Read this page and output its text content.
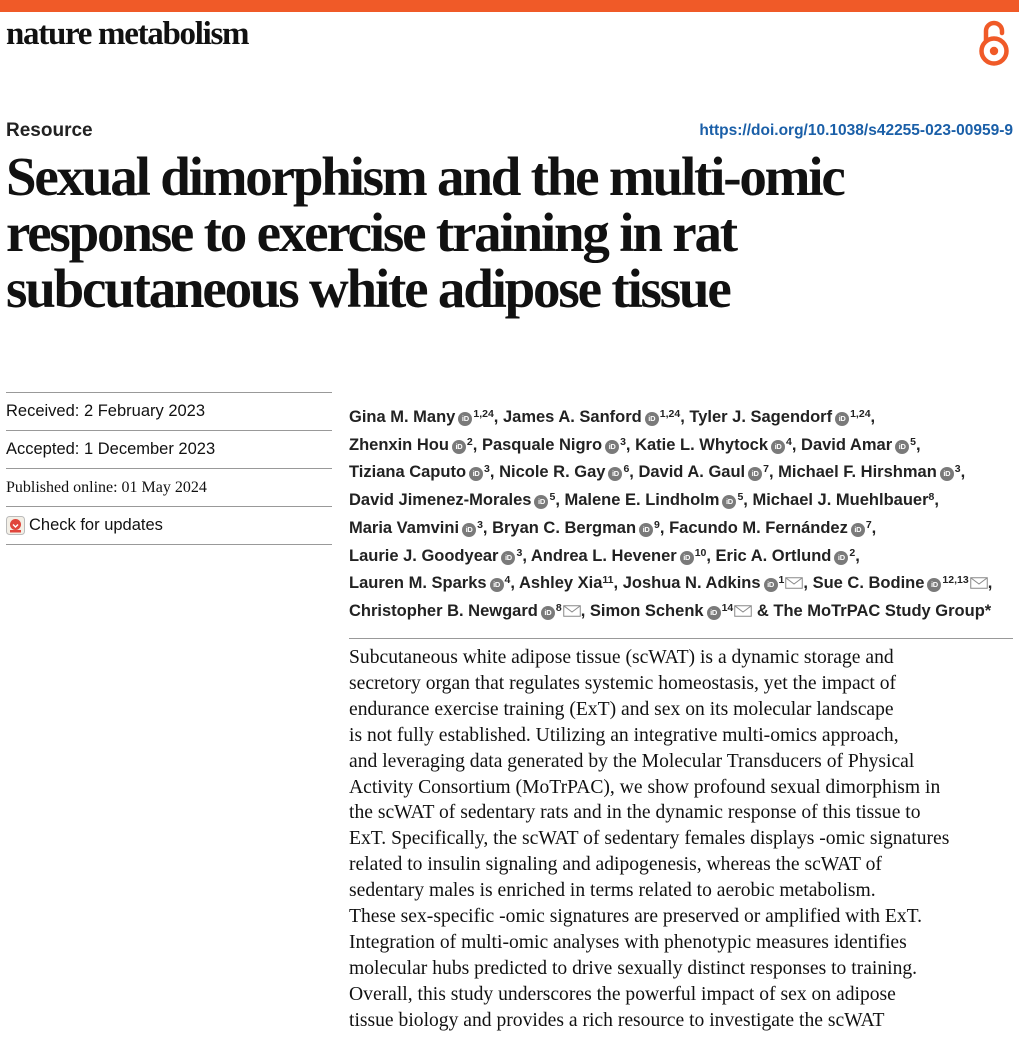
nature metabolism
Resource	https://doi.org/10.1038/s42255-023-00959-9
Sexual dimorphism and the multi-omic
response to exercise training in rat
subcutaneous white adipose tissue
Received: 2 February 2023
Accepted: 1 December 2023
Published online: 01 May 2024
Check for updates
Gina M. Many iD $^{1,24}$, James A. Sanford iD $^{1,24}$, Tyler J. Sagendorf iD $^{1,24}$,
Zhenxin Hou iD $^2$, Pasquale Nigro iD $^3$, Katie L. Whytock iD $^4$, David Amar iD $^5$,
Tiziana Caputo iD $^3$, Nicole R. Gay iD $^6$, David A. Gaul iD $^7$, Michael F. Hirshman iD $^3$,
David Jimenez-Morales iD $^5$, Malene E. Lindholm iD $^5$, Michael J. Muehlbauer$^8$,
Maria Vamvini iD $^3$, Bryan C. Bergman iD $^9$, Facundo M. Fernández iD $^7$,
Laurie J. Goodyear iD $^3$, Andrea L. Hevener iD $^{10}$, Eric A. Ortlund iD $^2$,
Lauren M. Sparks iD $^4$, Ashley Xia$^{11}$, Joshua N. Adkins iD $^1$ , Sue C. Bodine iD $^{12,13}$ ,
Christopher B. Newgard iD $^8$ , Simon Schenk iD $^{14}$ & The MoTrPAC Study Group*
Subcutaneous white adipose tissue (scWAT) is a dynamic storage and
secretory organ that regulates systemic homeostasis, yet the impact of
endurance exercise training (ExT) and sex on its molecular landscape
is not fully established. Utilizing an integrative multi-omics approach,
and leveraging data generated by the Molecular Transducers of Physical
Activity Consortium (MoTrPAC), we show profound sexual dimorphism in
the scWAT of sedentary rats and in the dynamic response of this tissue to
ExT. Specifically, the scWAT of sedentary females displays -omic signatures
related to insulin signaling and adipogenesis, whereas the scWAT of
sedentary males is enriched in terms related to aerobic metabolism.
These sex-specific -omic signatures are preserved or amplified with ExT.
Integration of multi-omic analyses with phenotypic measures identifies
molecular hubs predicted to drive sexually distinct responses to training.
Overall, this study underscores the powerful impact of sex on adipose
tissue biology and provides a rich resource to investigate the scWAT
